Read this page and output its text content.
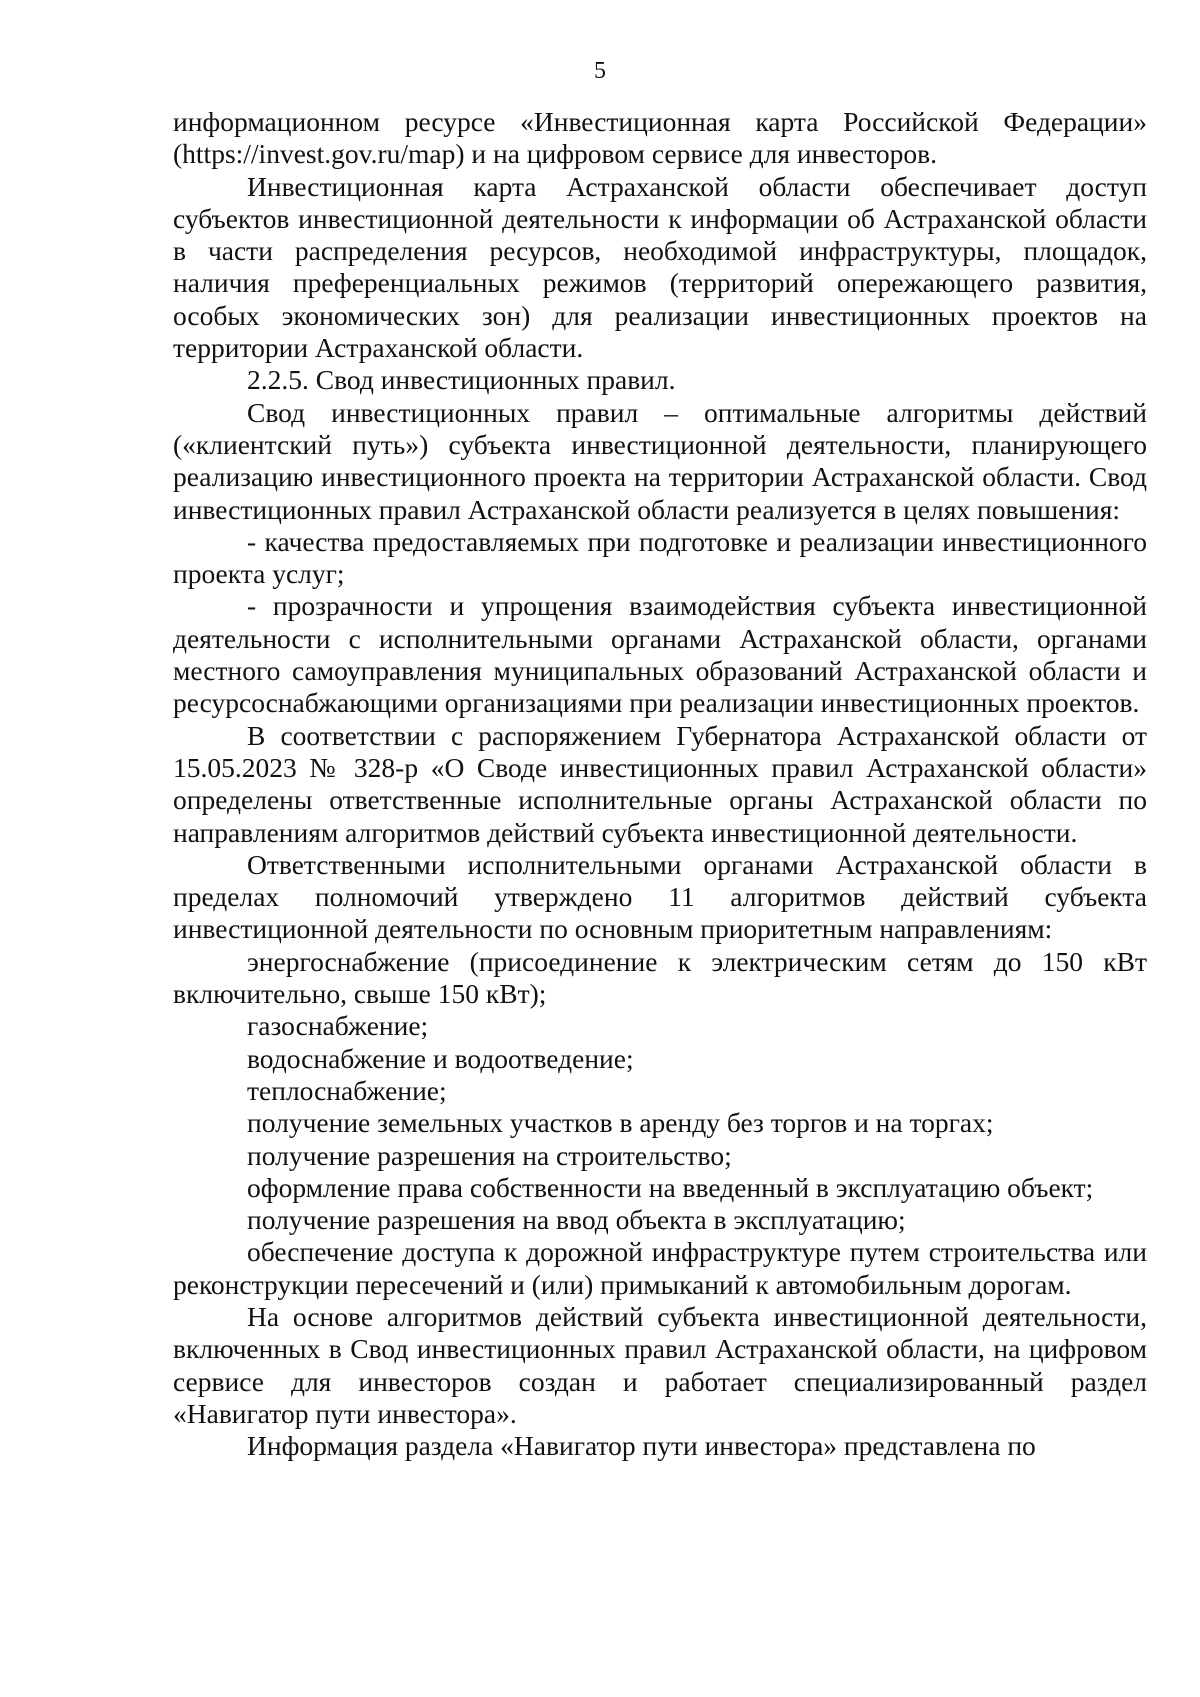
5

информационном ресурсе «Инвестиционная карта Российской Федерации» (https://invest.gov.ru/map) и на цифровом сервисе для инвесторов.

Инвестиционная карта Астраханской области обеспечивает доступ субъектов инвестиционной деятельности к информации об Астраханской области в части распределения ресурсов, необходимой инфраструктуры, площадок, наличия преференциальных режимов (территорий опережающего развития, особых экономических зон) для реализации инвестиционных проектов на территории Астраханской области.

2.2.5. Свод инвестиционных правил.

Свод инвестиционных правил – оптимальные алгоритмы действий («клиентский путь») субъекта инвестиционной деятельности, планирующего реализацию инвестиционного проекта на территории Астраханской области. Свод инвестиционных правил Астраханской области реализуется в целях повышения:

- качества предоставляемых при подготовке и реализации инвестиционного проекта услуг;

- прозрачности и упрощения взаимодействия субъекта инвестиционной деятельности с исполнительными органами Астраханской области, органами местного самоуправления муниципальных образований Астраханской области и ресурсоснабжающими организациями при реализации инвестиционных проектов.

В соответствии с распоряжением Губернатора Астраханской области от 15.05.2023 № 328-р «О Своде инвестиционных правил Астраханской области» определены ответственные исполнительные органы Астраханской области по направлениям алгоритмов действий субъекта инвестиционной деятельности.

Ответственными исполнительными органами Астраханской области в пределах полномочий утверждено 11 алгоритмов действий субъекта инвестиционной деятельности по основным приоритетным направлениям:

энергоснабжение (присоединение к электрическим сетям до 150 кВт включительно, свыше 150 кВт);

газоснабжение;

водоснабжение и водоотведение;

теплоснабжение;

получение земельных участков в аренду без торгов и на торгах;

получение разрешения на строительство;

оформление права собственности на введенный в эксплуатацию объект;

получение разрешения на ввод объекта в эксплуатацию;

обеспечение доступа к дорожной инфраструктуре путем строительства или реконструкции пересечений и (или) примыканий к автомобильным дорогам.

На основе алгоритмов действий субъекта инвестиционной деятельности, включенных в Свод инвестиционных правил Астраханской области, на цифровом сервисе для инвесторов создан и работает специализированный раздел «Навигатор пути инвестора».

Информация раздела «Навигатор пути инвестора» представлена по
